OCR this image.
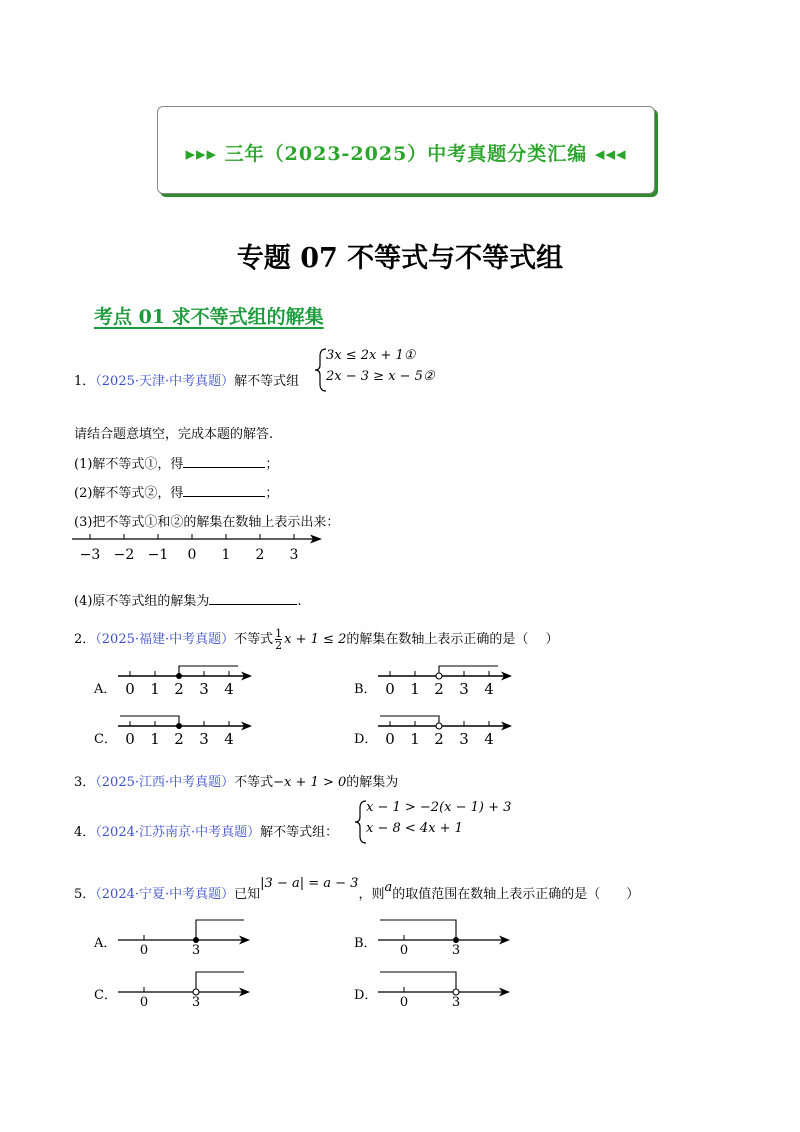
▸▸▸ 三年（2023-2025）中考真题分类汇编 ◂◂◂
专题 07 不等式与不等式组
考点 01 求不等式组的解集
1．（2025·天津·中考真题）解不等式组
3x ≤ 2x + 1①
2x − 3 ≥ x − 5②
请结合题意填空，完成本题的解答.
(1)解不等式①，得	；
(2)解不等式②，得	；
(3)把不等式①和②的解集在数轴上表示出来：
−3 −2 −1 0 1 2 3
(4)原不等式组的解集为	.
2．（2025·福建·中考真题）不等式 $\frac{1}{2}$ x + 1 ≤ 2的解集在数轴上表示正确的是（　 ）
A． 0 1 2 3 4	B． 0 1 2 3 4
C． 0 1 2 3 4	D． 0 1 2 3 4
3．（2025·江西·中考真题）不等式−x + 1 > 0的解集为
4．（2024·江苏南京·中考真题）解不等式组：
x − 1 > −2(x − 1) + 3
x − 8 < 4x + 1
5．（2024·宁夏·中考真题）已知|3 − a| = a − 3，则a的取值范围在数轴上表示正确的是（　　）
A． 0	3	B． 0	3
C． 0	3	D． 0	3
